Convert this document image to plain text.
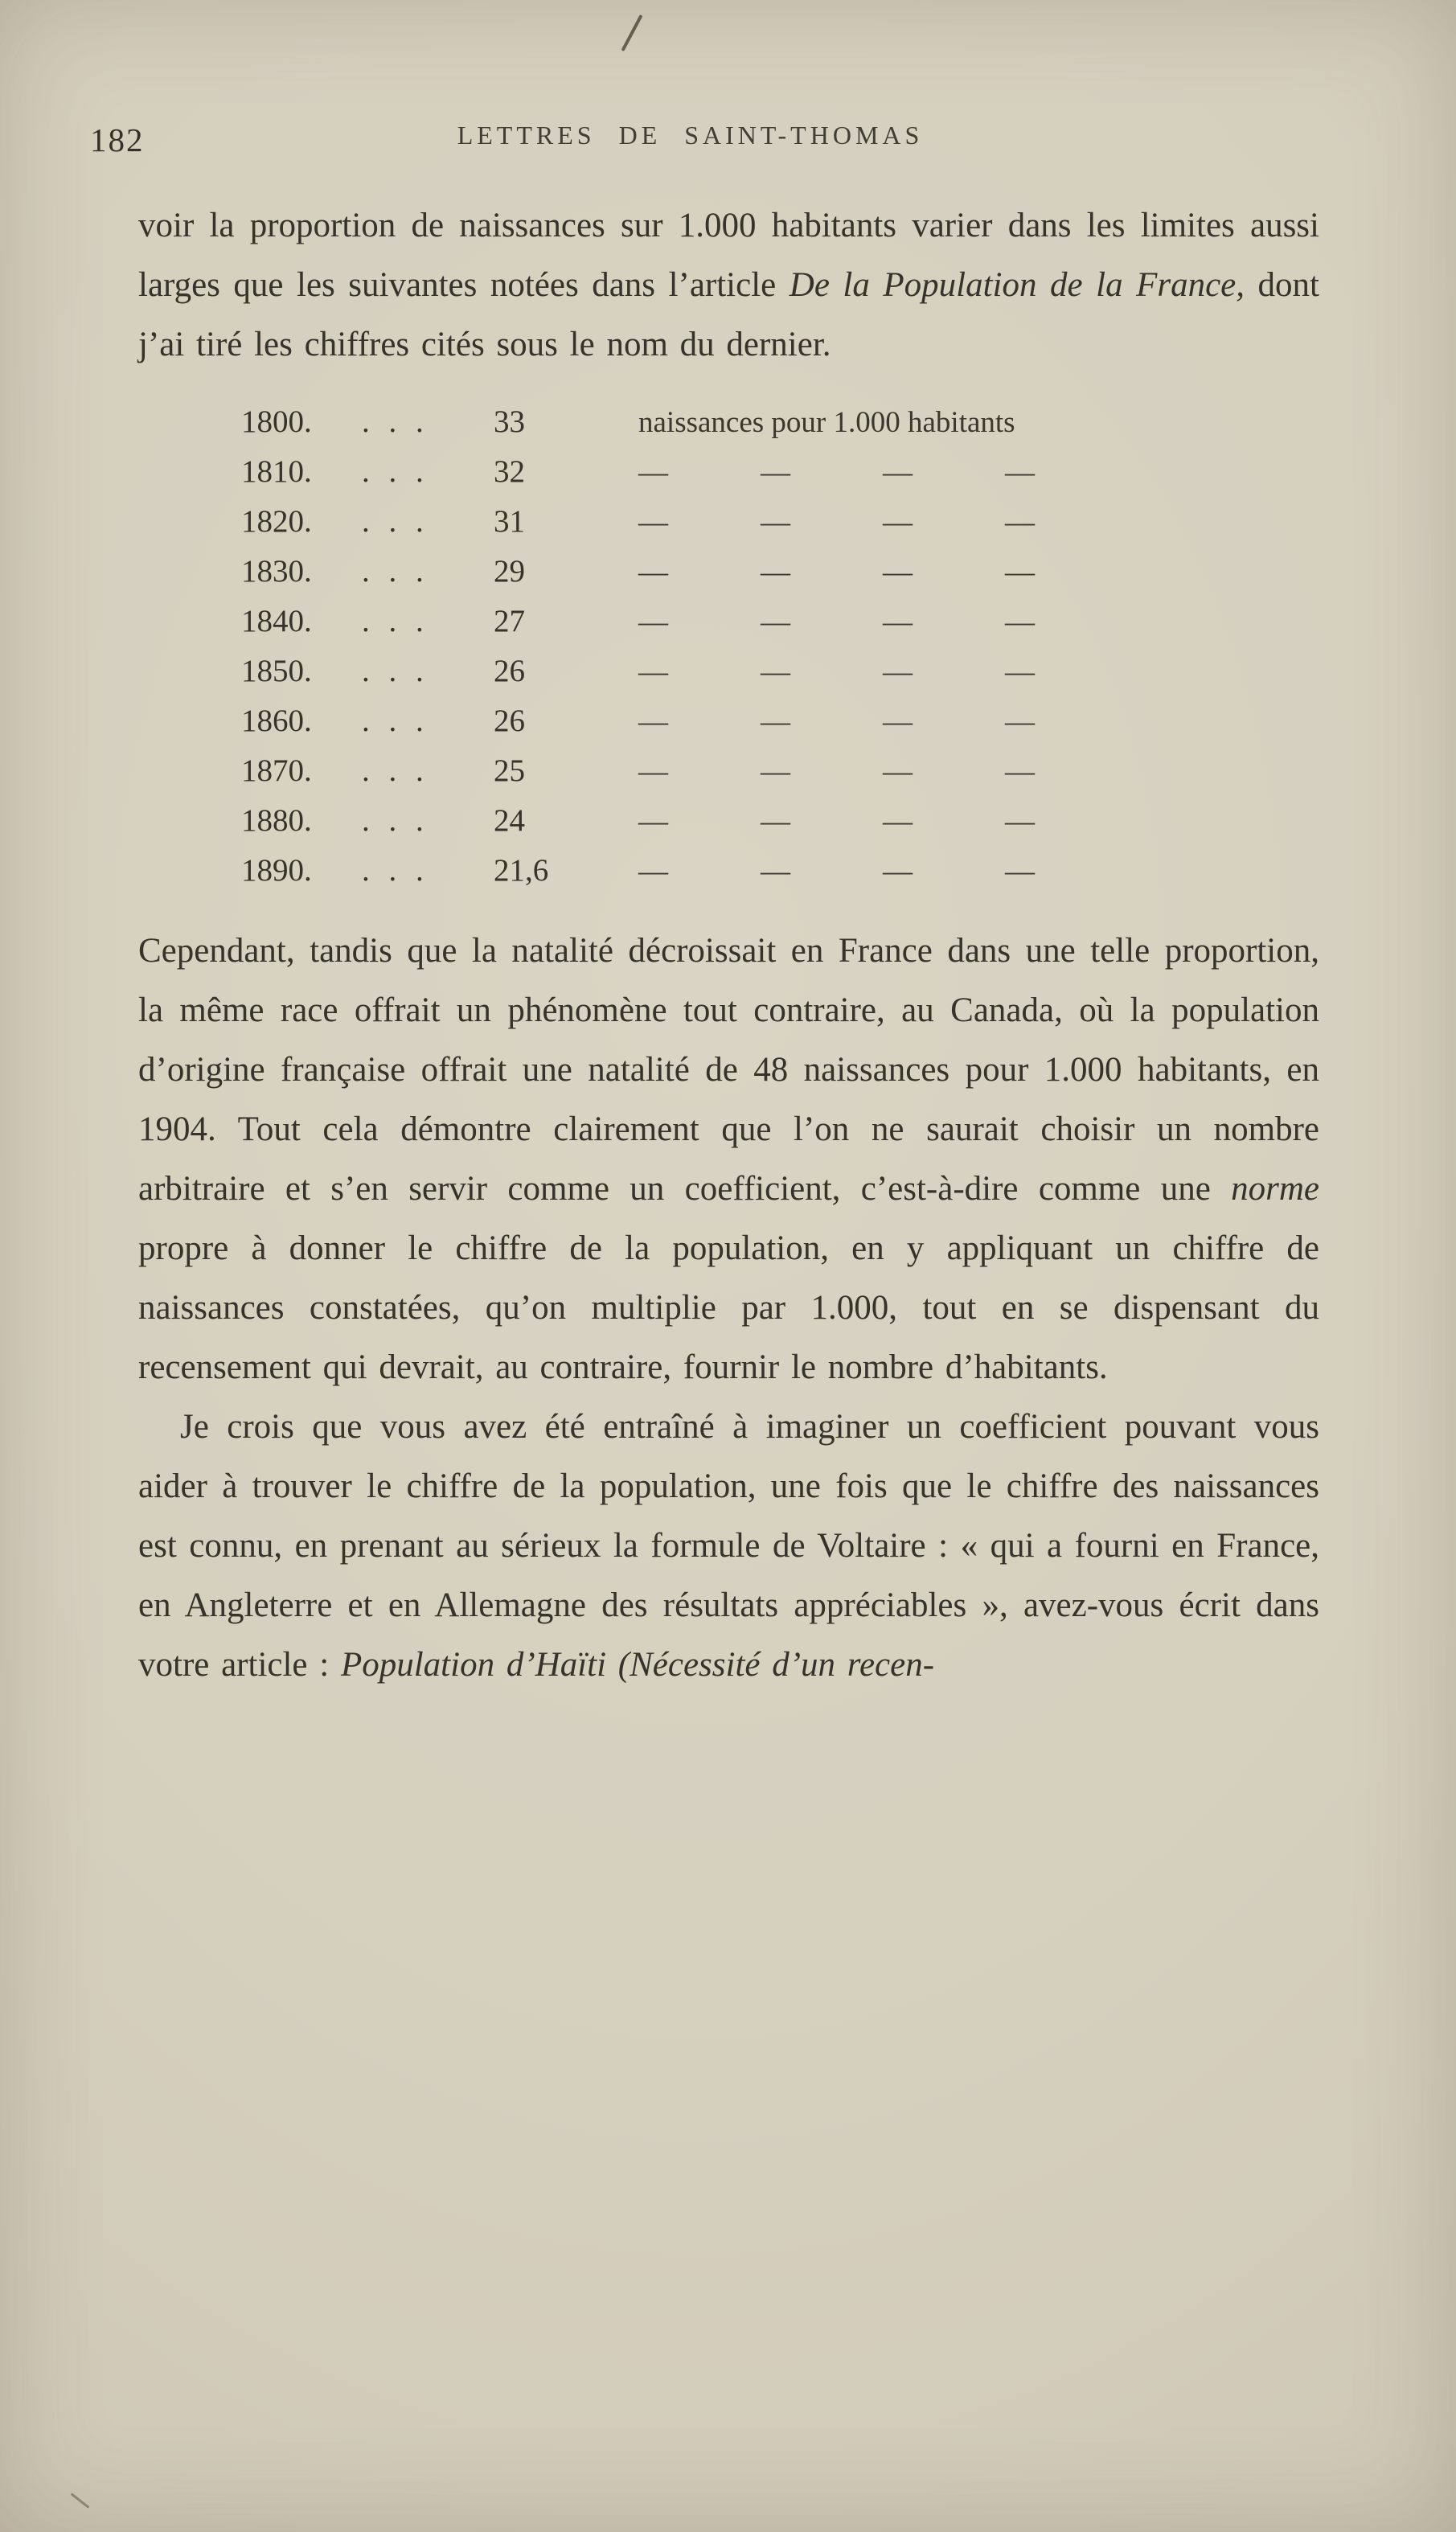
182	LETTRES DE SAINT-THOMAS

voir la proportion de naissances sur 1.000 habitants varier dans les limites aussi larges que les suivantes notées dans l’article De la Population de la France, dont j’ai tiré les chiffres cités sous le nom du dernier.

1800.	. . .	33	naissances pour 1.000 habitants
1810.	. . .	32	—	—	—	—
1820.	. . .	31	—	—	—	—
1830.	. . .	29	—	—	—	—
1840.	. . .	27	—	—	—	—
1850.	. . .	26	—	—	—	—
1860.	. . .	26	—	—	—	—
1870.	. . .	25	—	—	—	—
1880.	. . .	24	—	—	—	—
1890.	. . .	21,6	—	—	—	—

Cependant, tandis que la natalité décroissait en France dans une telle proportion, la même race offrait un phénomène tout contraire, au Canada, où la population d’origine française offrait une natalité de 48 naissances pour 1.000 habitants, en 1904. Tout cela démontre clairement que l’on ne saurait choisir un nombre arbitraire et s’en servir comme un coefficient, c’est-à-dire comme une norme propre à donner le chiffre de la population, en y appliquant un chiffre de naissances constatées, qu’on multiplie par 1.000, tout en se dispensant du recensement qui devrait, au contraire, fournir le nombre d’habitants.

Je crois que vous avez été entraîné à imaginer un coefficient pouvant vous aider à trouver le chiffre de la population, une fois que le chiffre des naissances est connu, en prenant au sérieux la formule de Voltaire : « qui a fourni en France, en Angleterre et en Allemagne des résultats appréciables », avez-vous écrit dans votre article : Population d’Haïti (Nécessité d’un recen-
